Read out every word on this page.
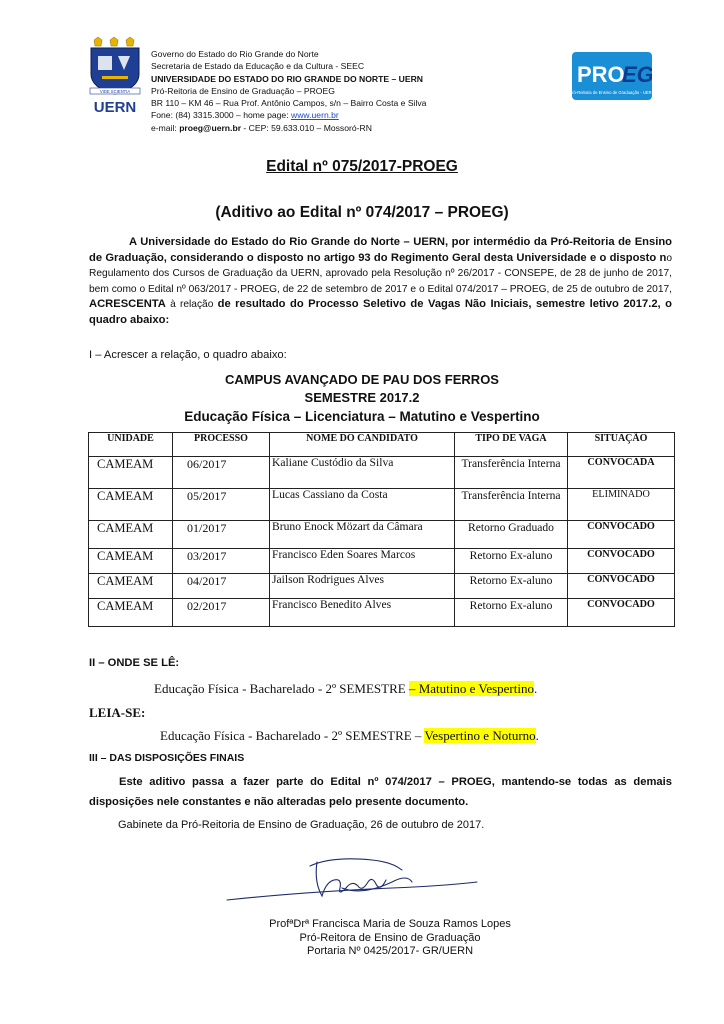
VIDE SCIENTIA
UERN
Governo do Estado do Rio Grande do Norte
Secretaria de Estado da Educação e da Cultura - SEEC
UNIVERSIDADE DO ESTADO DO RIO GRANDE DO NORTE – UERN
Pró-Reitoria de Ensino de Graduação – PROEG
BR 110 – KM 46 – Rua Prof. Antônio Campos, s/n – Bairro Costa e Silva
Fone: (84) 3315.3000 – home page: www.uern.br
e-mail: proeg@uern.br - CEP: 59.633.010 – Mossoró-RN
PRO
EG
Pró-Reitoria de Ensino de Graduação - UERN
Edital nº 075/2017-PROEG
(Aditivo ao Edital nº 074/2017 – PROEG)
A Universidade do Estado do Rio Grande do Norte – UERN, por intermédio da Pró-Reitoria de Ensino de Graduação, considerando o disposto no artigo 93 do Regimento Geral desta Universidade e o disposto no Regulamento dos Cursos de Graduação da UERN, aprovado pela Resolução nº 26/2017 - CONSEPE, de 28 de junho de 2017, bem como o Edital nº 063/2017 - PROEG, de 22 de setembro de 2017 e o Edital 074/2017 – PROEG, de 25 de outubro de 2017, ACRESCENTA à relação de resultado do Processo Seletivo de Vagas Não Iniciais, semestre letivo 2017.2, o quadro abaixo:
I – Acrescer a relação, o quadro abaixo:
CAMPUS AVANÇADO DE PAU DOS FERROS
SEMESTRE 2017.2
Educação Física – Licenciatura – Matutino e Vespertino
UNIDADE	PROCESSO	NOME DO CANDIDATO	TIPO DE VAGA	SITUAÇÃO
CAMEAM	06/2017	Kaliane Custódio da Silva	Transferência Interna	CONVOCADA
CAMEAM	05/2017	Lucas Cassiano da Costa	Transferência Interna	ELIMINADO
CAMEAM	01/2017	Bruno Enock Mözart da Câmara	Retorno Graduado	CONVOCADO
CAMEAM	03/2017	Francisco Eden Soares Marcos	Retorno Ex-aluno	CONVOCADO
CAMEAM	04/2017	Jailson Rodrigues Alves	Retorno Ex-aluno	CONVOCADO
CAMEAM	02/2017	Francisco Benedito Alves	Retorno Ex-aluno	CONVOCADO
II – ONDE SE LÊ:
Educação Física - Bacharelado - 2º SEMESTRE – Matutino e Vespertino.
LEIA-SE:
Educação Física - Bacharelado - 2º SEMESTRE – Vespertino e Noturno.
III – DAS DISPOSIÇÕES FINAIS
Este aditivo passa a fazer parte do Edital nº 074/2017 – PROEG, mantendo-se todas as demais disposições nele constantes e não alteradas pelo presente documento.
Gabinete da Pró-Reitoria de Ensino de Graduação, 26 de outubro de 2017.
ProfªDrª Francisca Maria de Souza Ramos Lopes
Pró-Reitora de Ensino de Graduação
Portaria Nº 0425/2017- GR/UERN
